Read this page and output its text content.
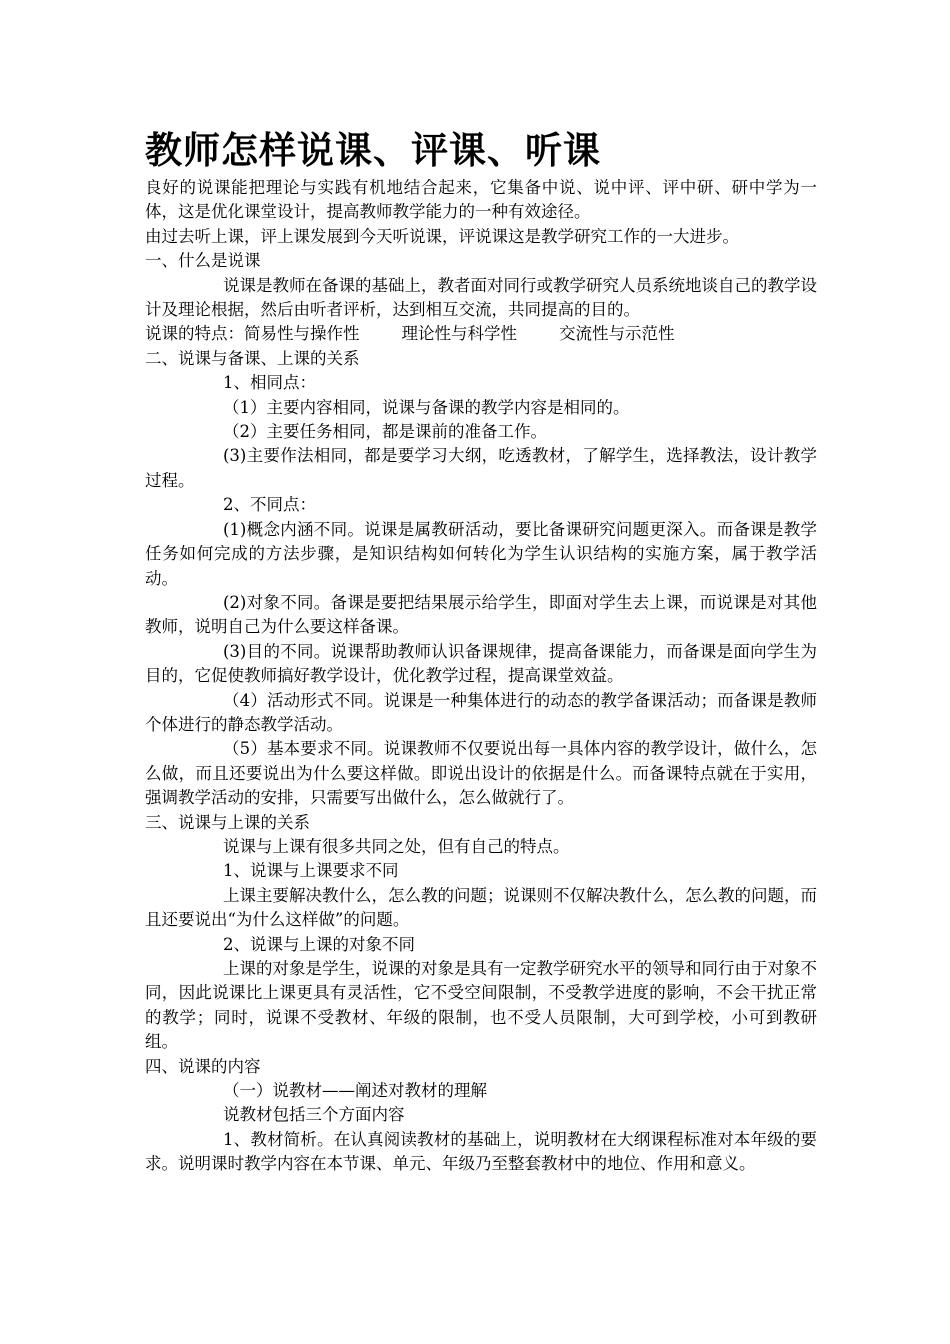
教师怎样说课、评课、听课

良好的说课能把理论与实践有机地结合起来，它集备中说、说中评、评中研、研中学为一体，这是优化课堂设计，提高教师教学能力的一种有效途径。

由过去听上课，评上课发展到今天听说课，评说课这是教学研究工作的一大进步。

一、什么是说课

说课是教师在备课的基础上，教者面对同行或教学研究人员系统地谈自己的教学设计及理论根据，然后由听者评析，达到相互交流，共同提高的目的。

说课的特点：简易性与操作性	理论性与科学性	交流性与示范性

二、说课与备课、上课的关系

1、相同点：

（1）主要内容相同，说课与备课的教学内容是相同的。

（2）主要任务相同，都是课前的准备工作。

(3)主要作法相同，都是要学习大纲，吃透教材，了解学生，选择教法，设计教学过程。

2、不同点：

(1)概念内涵不同。说课是属教研活动，要比备课研究问题更深入。而备课是教学任务如何完成的方法步骤，是知识结构如何转化为学生认识结构的实施方案，属于教学活动。

(2)对象不同。备课是要把结果展示给学生，即面对学生去上课，而说课是对其他教师，说明自己为什么要这样备课。

(3)目的不同。说课帮助教师认识备课规律，提高备课能力，而备课是面向学生为目的，它促使教师搞好教学设计，优化教学过程，提高课堂效益。

（4）活动形式不同。说课是一种集体进行的动态的教学备课活动；而备课是教师个体进行的静态教学活动。

（5）基本要求不同。说课教师不仅要说出每一具体内容的教学设计，做什么，怎么做，而且还要说出为什么要这样做。即说出设计的依据是什么。而备课特点就在于实用，强调教学活动的安排，只需要写出做什么，怎么做就行了。

三、说课与上课的关系

说课与上课有很多共同之处，但有自己的特点。

1、说课与上课要求不同

上课主要解决教什么，怎么教的问题；说课则不仅解决教什么，怎么教的问题，而且还要说出“为什么这样做”的问题。

2、说课与上课的对象不同

上课的对象是学生，说课的对象是具有一定教学研究水平的领导和同行由于对象不同，因此说课比上课更具有灵活性，它不受空间限制，不受教学进度的影响，不会干扰正常的教学；同时，说课不受教材、年级的限制，也不受人员限制，大可到学校，小可到教研组。

四、说课的内容

（一）说教材——阐述对教材的理解

说教材包括三个方面内容

1、教材简析。在认真阅读教材的基础上，说明教材在大纲课程标准对本年级的要求。说明课时教学内容在本节课、单元、年级乃至整套教材中的地位、作用和意义。
